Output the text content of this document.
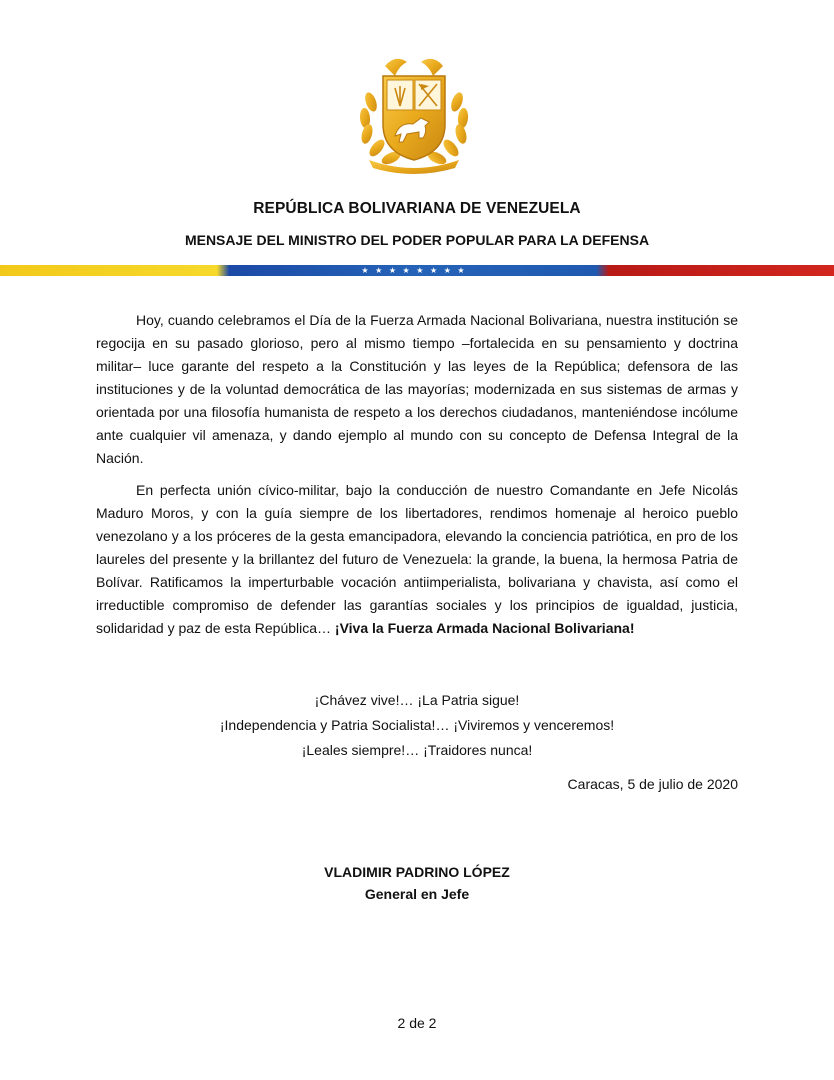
REPÚBLICA BOLIVARIANA DE VENEZUELA
MENSAJE DEL MINISTRO DEL PODER POPULAR PARA LA DEFENSA
★ ★ ★ ★ ★ ★ ★ ★

Hoy, cuando celebramos el Día de la Fuerza Armada Nacional Bolivariana, nuestra institución se regocija en su pasado glorioso, pero al mismo tiempo –fortalecida en su pensamiento y doctrina militar– luce garante del respeto a la Constitución y las leyes de la República; defensora de las instituciones y de la voluntad democrática de las mayorías; modernizada en sus sistemas de armas y orientada por una filosofía humanista de respeto a los derechos ciudadanos, manteniéndose incólume ante cualquier vil amenaza, y dando ejemplo al mundo con su concepto de Defensa Integral de la Nación.

En perfecta unión cívico-militar, bajo la conducción de nuestro Comandante en Jefe Nicolás Maduro Moros, y con la guía siempre de los libertadores, rendimos homenaje al heroico pueblo venezolano y a los próceres de la gesta emancipadora, elevando la conciencia patriótica, en pro de los laureles del presente y la brillantez del futuro de Venezuela: la grande, la buena, la hermosa Patria de Bolívar. Ratificamos la imperturbable vocación antiimperialista, bolivariana y chavista, así como el irreductible compromiso de defender las garantías sociales y los principios de igualdad, justicia, solidaridad y paz de esta República… ¡Viva la Fuerza Armada Nacional Bolivariana!

¡Chávez vive!… ¡La Patria sigue!
¡Independencia y Patria Socialista!… ¡Viviremos y venceremos!
¡Leales siempre!… ¡Traidores nunca!
Caracas, 5 de julio de 2020
VLADIMIR PADRINO LÓPEZ
General en Jefe
2 de 2
